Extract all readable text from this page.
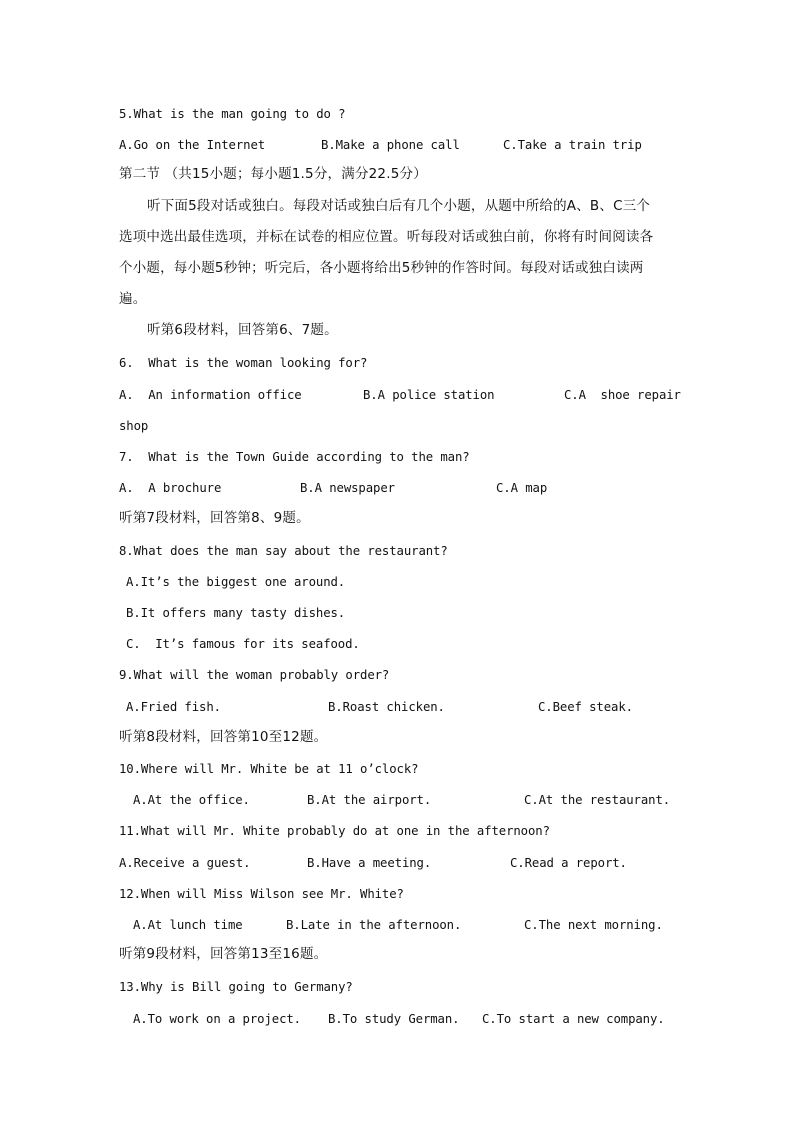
5.What is the man going to do ?
A.Go on the Internet	B.Make a phone call	C.Take a train trip
第二节 （共15小题；每小题1.5分，满分22.5分）
听下面5段对话或独白。每段对话或独白后有几个小题，从题中所给的A、B、C三个
选项中选出最佳选项，并标在试卷的相应位置。听每段对话或独白前，你将有时间阅读各
个小题，每小题5秒钟；听完后，各小题将给出5秒钟的作答时间。每段对话或独白读两
遍。
听第6段材料，回答第6、7题。
6.  What is the woman looking for?
A.  An information office	B.A police station	C.A  shoe repair
shop
7.  What is the Town Guide according to the man?
A.  A brochure	B.A newspaper	C.A map
听第7段材料，回答第8、9题。
8.What does the man say about the restaurant?
A.It’s the biggest one around.
B.It offers many tasty dishes.
C.  It’s famous for its seafood.
9.What will the woman probably order?
A.Fried fish.	B.Roast chicken.	C.Beef steak.
听第8段材料，回答第10至12题。
10.Where will Mr. White be at 11 o’clock?
A.At the office.	B.At the airport.	C.At the restaurant.
11.What will Mr. White probably do at one in the afternoon?
A.Receive a guest.	B.Have a meeting.	C.Read a report.
12.When will Miss Wilson see Mr. White?
A.At lunch time	B.Late in the afternoon.	C.The next morning.
听第9段材料，回答第13至16题。
13.Why is Bill going to Germany?
A.To work on a project. B.To study German. C.To start a new company.
